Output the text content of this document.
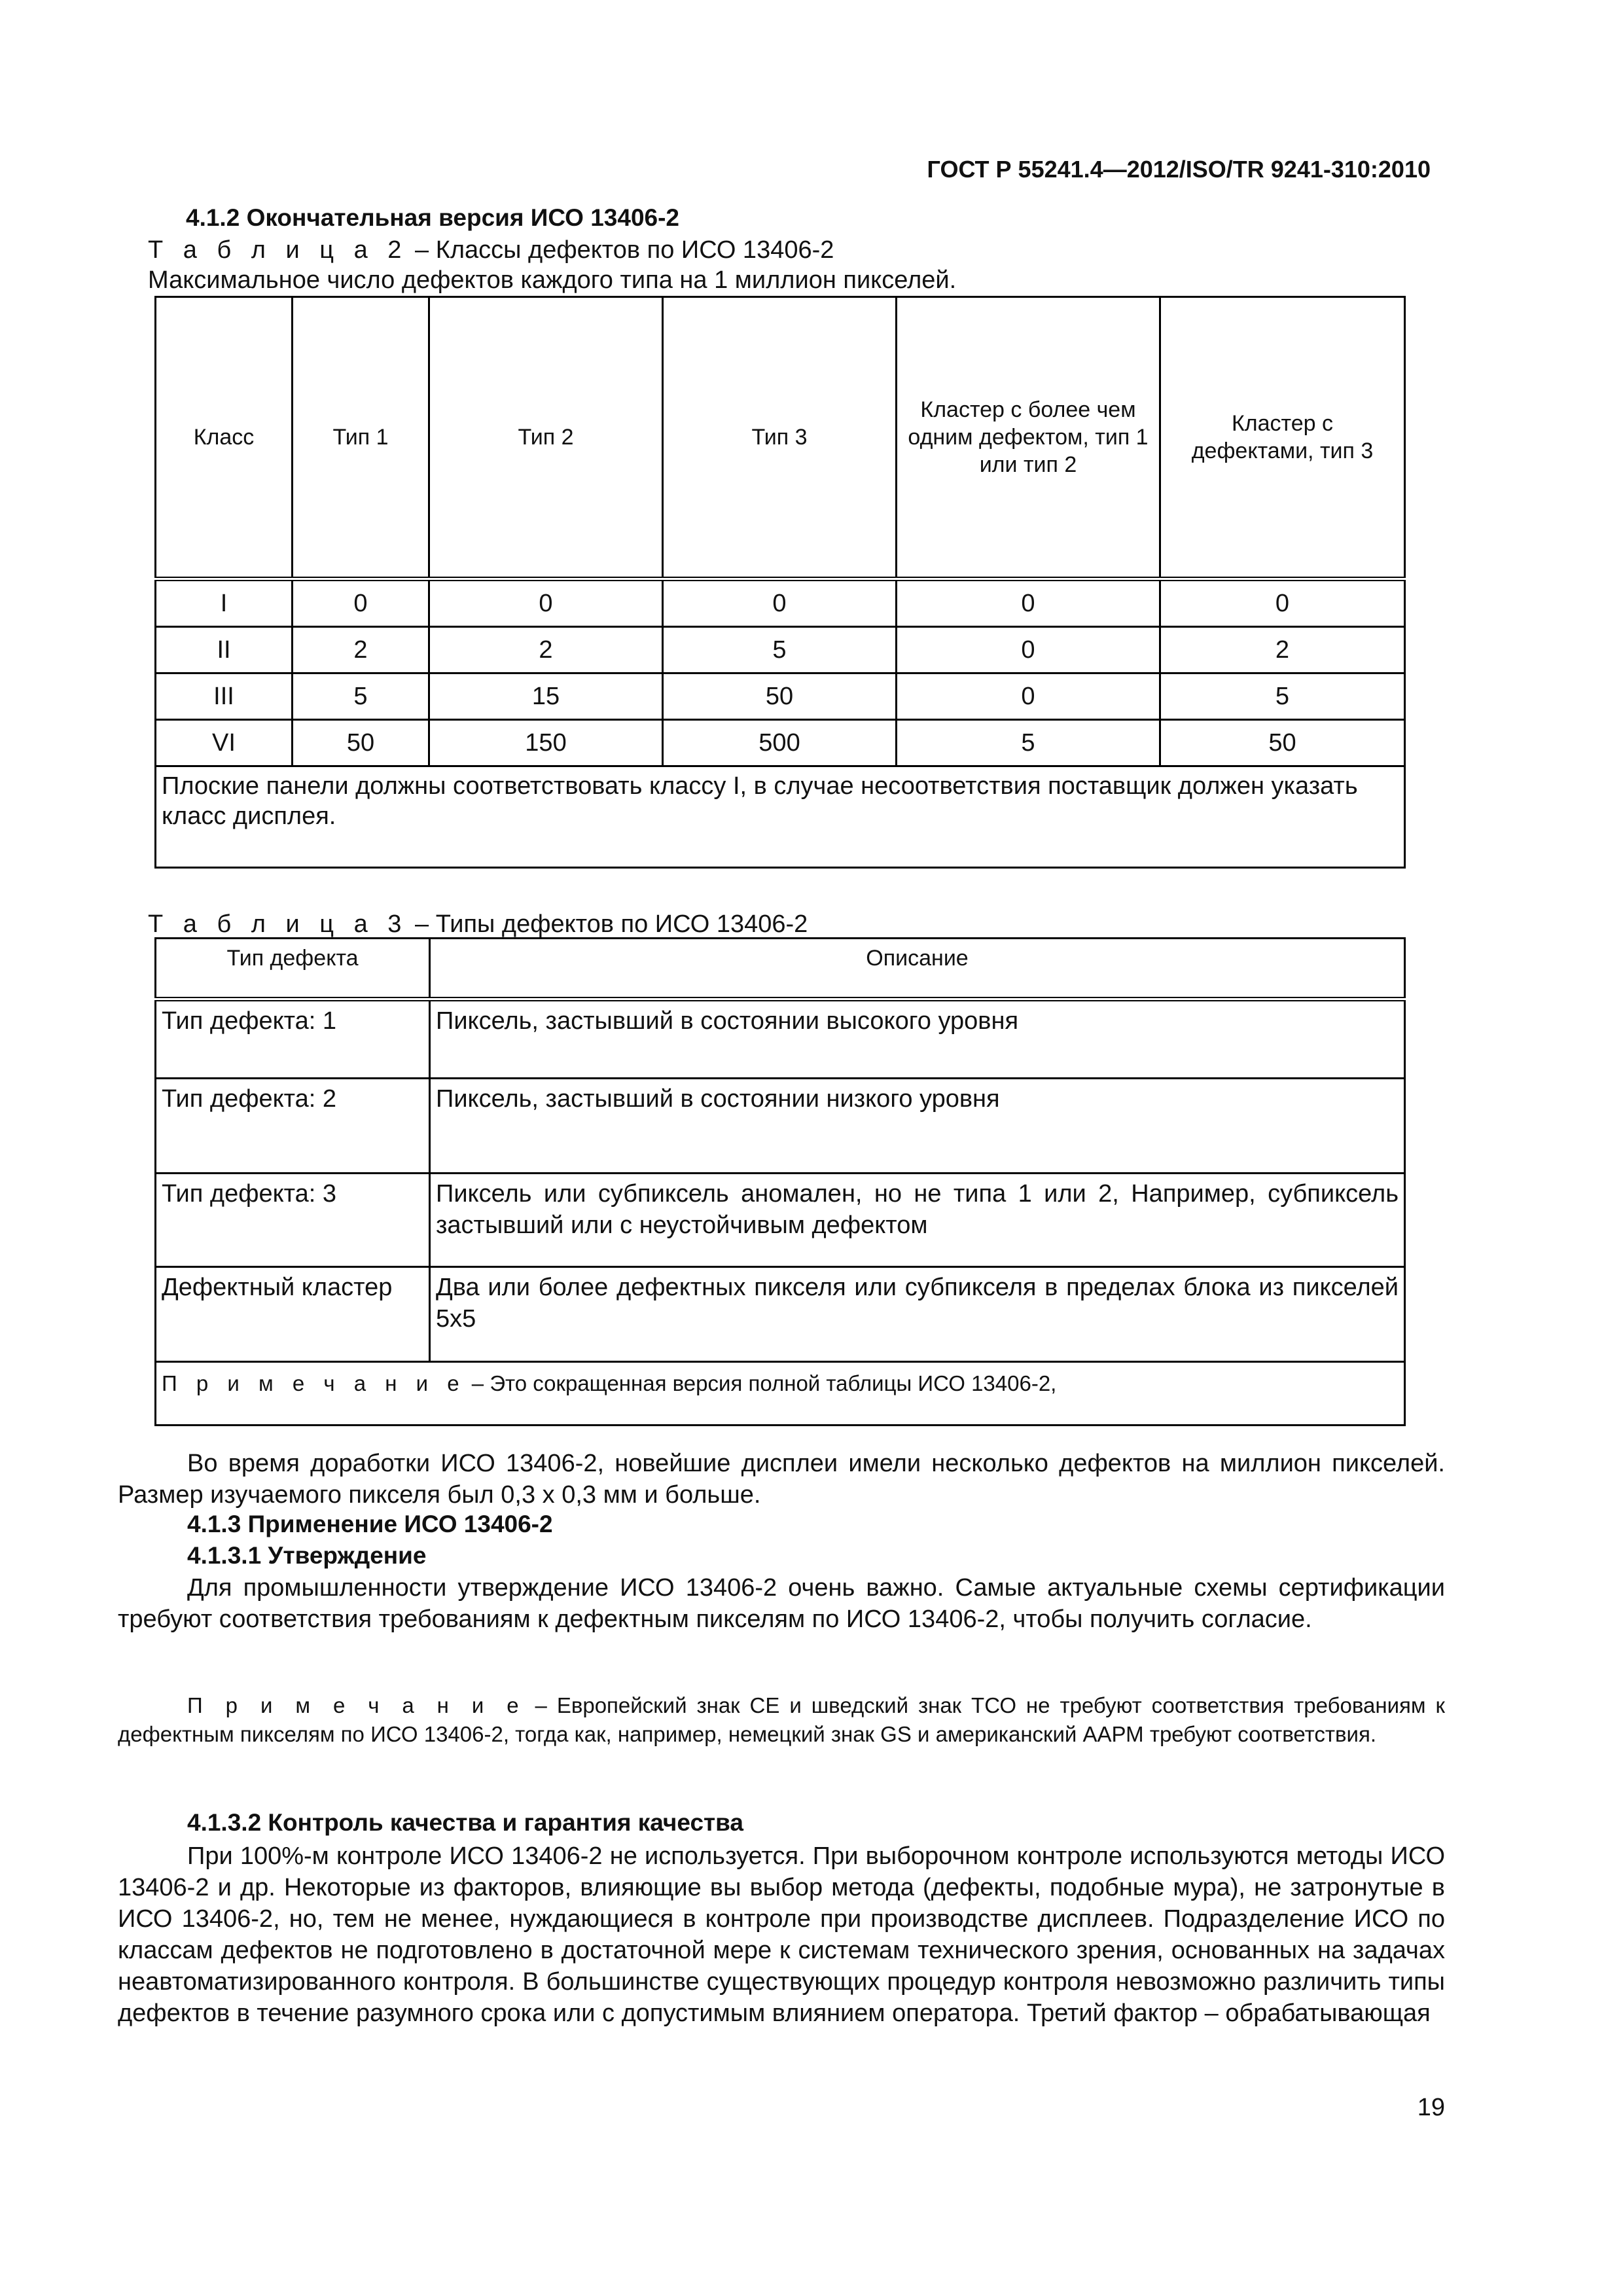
ГОСТ Р 55241.4—2012/ISO/TR 9241-310:2010
4.1.2 Окончательная версия ИСО 13406-2
Т а б л и ц а 2 – Классы дефектов по ИСО 13406-2
Максимальное число дефектов каждого типа на 1 миллион пикселей.
Класс	Тип 1	Тип 2	Тип 3	Кластер с более чем одним дефектом, тип 1 или тип 2	Кластер с дефектами, тип 3
I	0	0	0	0	0
II	2	2	5	0	2
III	5	15	50	0	5
VI	50	150	500	5	50
Плоские панели должны соответствовать классу I, в случае несоответствия поставщик должен указать класс дисплея.					
Т а б л и ц а 3 – Типы дефектов по ИСО 13406-2
Тип дефекта	Описание
Тип дефекта: 1	Пиксель, застывший в состоянии высокого уровня
Тип дефекта: 2	Пиксель, застывший в состоянии низкого уровня
Тип дефекта: 3	Пиксель или субпиксель аномален, но не типа 1 или 2, Например, субпиксель застывший или с неустойчивым дефектом
Дефектный кластер	Два или более дефектных пикселя или субпикселя в пределах блока из пикселей 5х5
П р и м е ч а н и е – Это сокращенная версия полной таблицы ИСО 13406-2,	
Во время доработки ИСО 13406-2, новейшие дисплеи имели несколько дефектов на миллион пикселей. Размер изучаемого пикселя был 0,3 х 0,3 мм и больше.
4.1.3 Применение ИСО 13406-2
4.1.3.1 Утверждение
Для промышленности утверждение ИСО 13406-2 очень важно. Самые актуальные схемы сертификации требуют соответствия требованиям к дефектным пикселям по ИСО 13406-2, чтобы получить согласие.
П р и м е ч а н и е – Европейский знак СЕ и шведский знак ТСО не требуют соответствия требованиям к дефектным пикселям по ИСО 13406-2, тогда как, например, немецкий знак GS и американский ААРМ требуют соответствия.
4.1.3.2 Контроль качества и гарантия качества
При 100%-м контроле ИСО 13406-2 не используется. При выборочном контроле используются методы ИСО 13406-2 и др. Некоторые из факторов, влияющие вы выбор метода (дефекты, подобные мура), не затронутые в ИСО 13406-2, но, тем не менее, нуждающиеся в контроле при производстве дисплеев. Подразделение ИСО по классам дефектов не подготовлено в достаточной мере к системам технического зрения, основанных на задачах неавтоматизированного контроля. В большинстве существующих процедур контроля невозможно различить типы дефектов в течение разумного срока или с допустимым влиянием оператора. Третий фактор – обрабатывающая
19
